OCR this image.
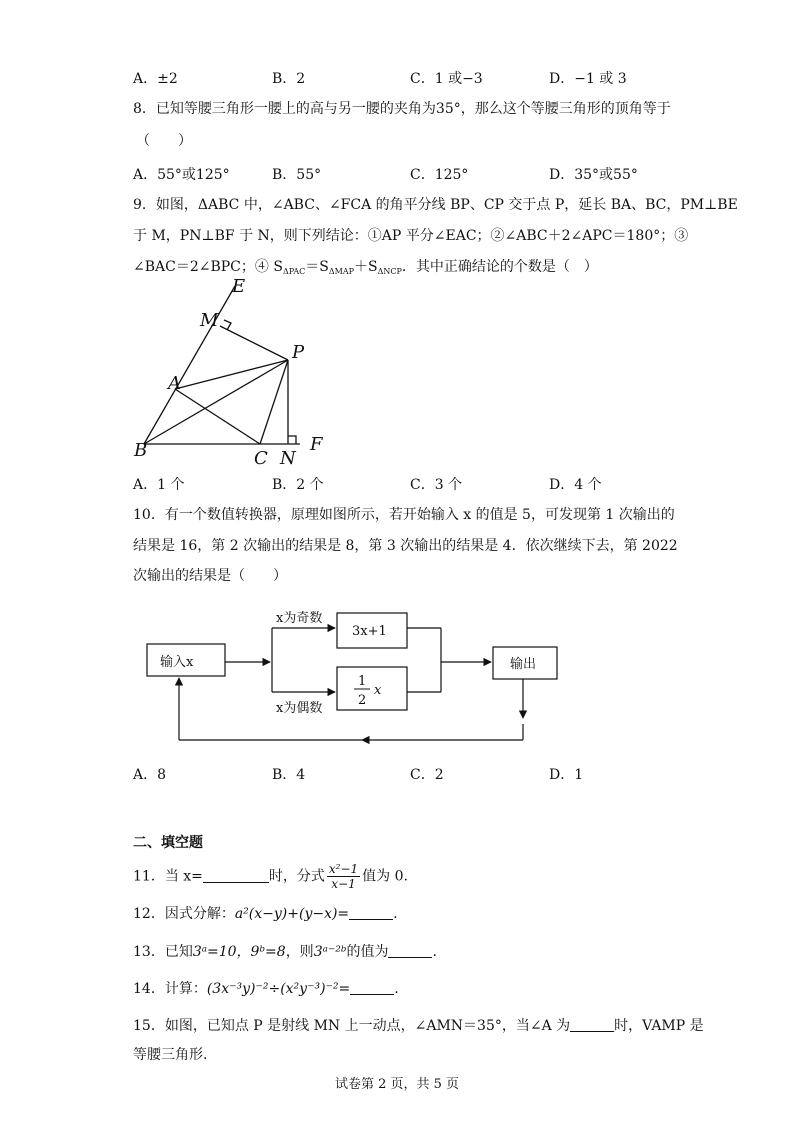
A．±2	B．2	C．1 或−3	D．−1 或 3
8．已知等腰三角形一腰上的高与另一腰的夹角为35°，那么这个等腰三角形的顶角等于
（　　）
A．55°或125°	B．55°	C．125°	D．35°或55°
9．如图，ΔABC 中，∠ABC、∠FCA 的角平分线 BP、CP 交于点 P，延长 BA、BC，PM⊥BE
于 M，PN⊥BF 于 N，则下列结论：①AP 平分∠EAC；②∠ABC＋2∠APC＝180°；③
∠BAC＝2∠BPC；④ $S_{\Delta PAC}=S_{\Delta MAP}+S_{\Delta NCP}$．其中正确结论的个数是（　）
E
M
P
A
B	C N
F
A．1 个	B．2 个	C．3 个	D．4 个
10．有一个数值转换器，原理如图所示，若开始输入 x 的值是 5，可发现第 1 次输出的
结果是 16，第 2 次输出的结果是 8，第 3 次输出的结果是 4．依次继续下去，第 2022
次输出的结果是（　　）
输入x
x为奇数
x为偶数
3x+1
1
2
x
输出
A．8	B．4	C．2	D．1
二、填空题
11．当 x=	时，分式 $\frac{\text{x²−1}}{x-1}$ 值为 0.
12．因式分解：a²(x−y)+(y−x)=	.
13．已知3ᵃ=10，9ᵇ=8，则3ᵃ⁻²ᵇ的值为	.
14．计算：(3x⁻³y)⁻²÷(x²y⁻³)⁻²=	.
15．如图，已知点 P 是射线 MN 上一动点，∠AMN＝35°，当∠A 为	时，VAMP 是
等腰三角形.
试卷第 2 页，共 5 页
